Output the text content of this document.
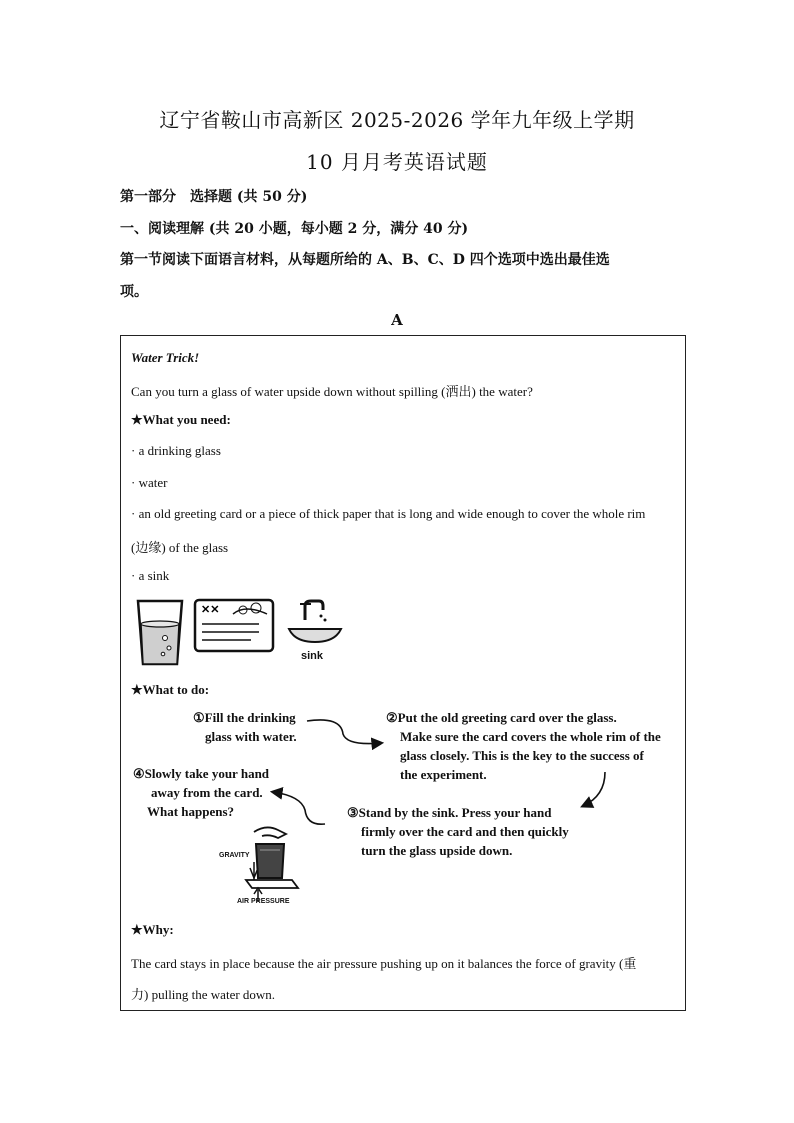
辽宁省鞍山市高新区 2025-2026 学年九年级上学期
10 月月考英语试题
第一部分　选择题 (共 50 分)
一、阅读理解 (共 20 小题，每小题 2 分，满分 40 分)
第一节阅读下面语言材料，从每题所给的 A、B、C、D 四个选项中选出最佳选
项。
A
Water Trick!
Can you turn a glass of water upside down without spilling (洒出) the water?
★What you need:
· a drinking glass
· water
· an old greeting card or a piece of thick paper that is long and wide enough to cover the whole rim
(边缘) of the glass
· a sink
✕✕
sink
★What to do:
①Fill the drinking
glass with water.
②Put the old greeting card over the glass.
Make sure the card covers the whole rim of the
glass closely. This is the key to the success of
the experiment.
④Slowly take your hand
away from the card.
What happens?	③Stand by the sink. Press your hand
firmly over the card and then quickly
turn the glass upside down.
GRAVITY
AIR PRESSURE
★Why:
The card stays in place because the air pressure pushing up on it balances the force of gravity (重
力) pulling the water down.
